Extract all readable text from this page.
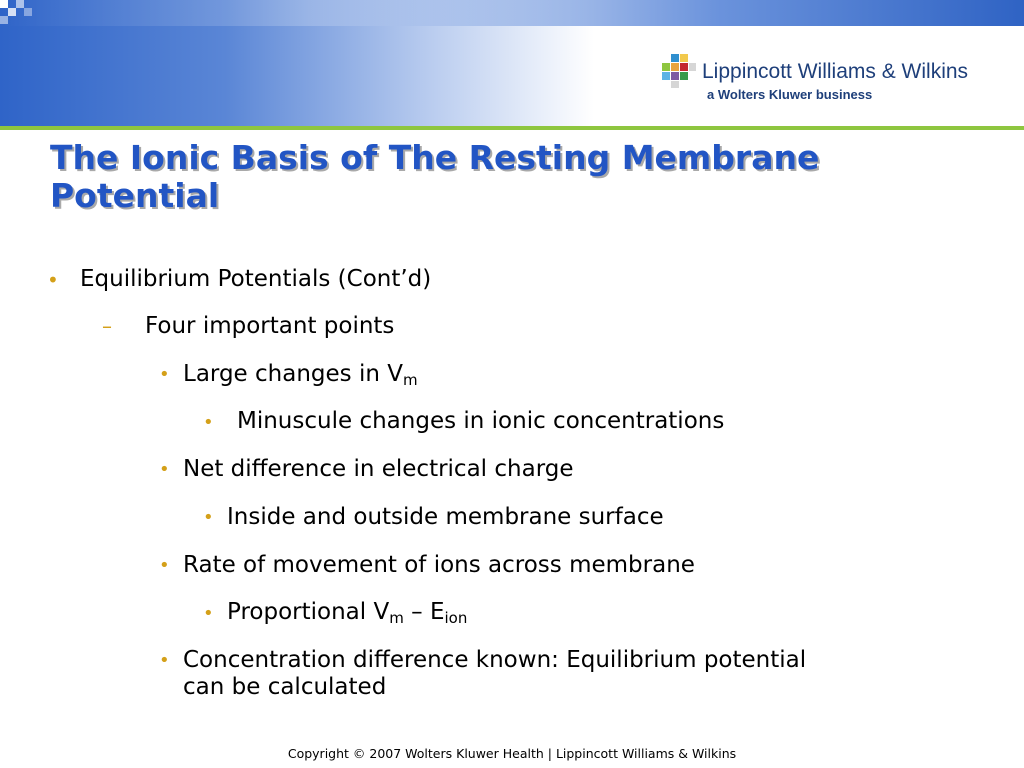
Lippincott Williams & Wilkins
a Wolters Kluwer business
The Ionic Basis of The Resting Membrane Potential
• Equilibrium Potentials (Cont’d)
– Four important points
• Large changes in $V_m$
• Minuscule changes in ionic concentrations
• Net difference in electrical charge
• Inside and outside membrane surface
• Rate of movement of ions across membrane
• Proportional $V_m - E_{ion}$
• Concentration difference known: Equilibrium potential
can be calculated
Copyright © 2007 Wolters Kluwer Health | Lippincott Williams & Wilkins
